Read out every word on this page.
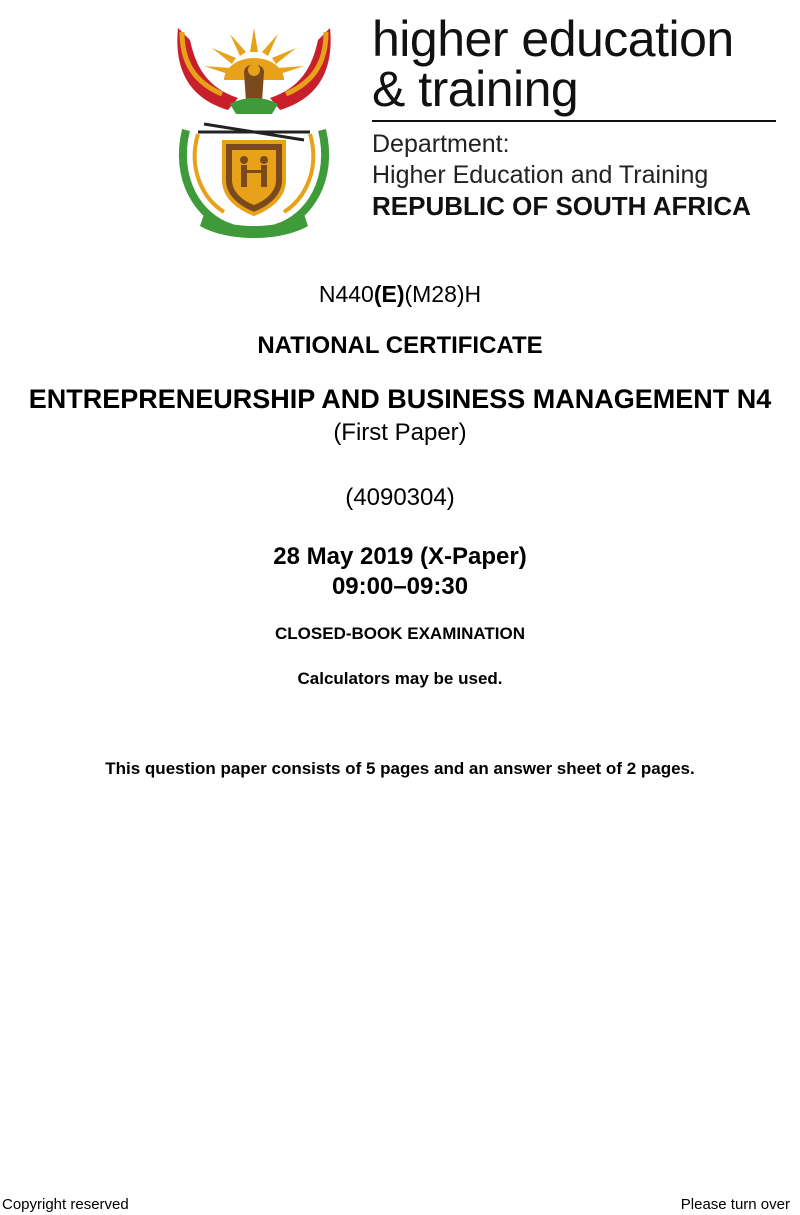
higher education
& training
Department:
Higher Education and Training
REPUBLIC OF SOUTH AFRICA
N440(E)(M28)H
NATIONAL CERTIFICATE
ENTREPRENEURSHIP AND BUSINESS MANAGEMENT N4
(First Paper)
(4090304)
28 May 2019 (X-Paper)
09:00–09:30
CLOSED-BOOK EXAMINATION
Calculators may be used.
This question paper consists of 5 pages and an answer sheet of 2 pages.
Copyright reserved	Please turn over
